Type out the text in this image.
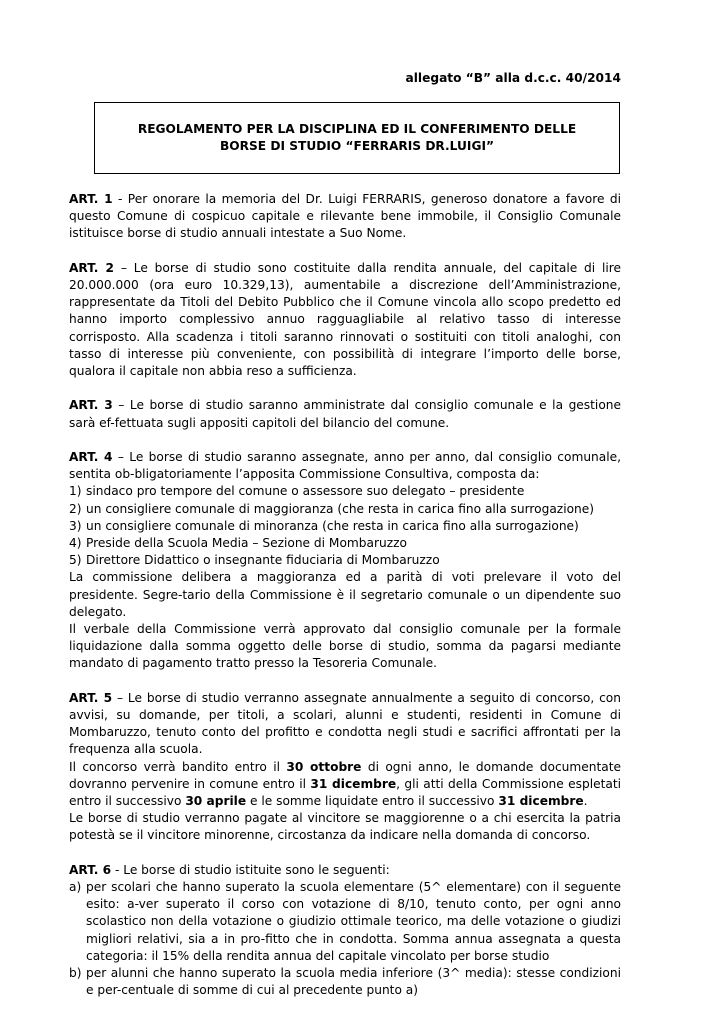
allegato “B” alla d.c.c. 40/2014
REGOLAMENTO PER LA DISCIPLINA ED IL CONFERIMENTO DELLE
BORSE DI STUDIO “FERRARIS DR.LUIGI”

ART. 1 - Per onorare la memoria del Dr. Luigi FERRARIS, generoso donatore a favore di questo Comune di cospicuo capitale e rilevante bene immobile, il Consiglio Comunale istituisce borse di studio annuali intestate a Suo Nome.

ART. 2 – Le borse di studio sono costituite dalla rendita annuale, del capitale di lire 20.000.000 (ora euro 10.329,13), aumentabile a discrezione dell’Amministrazione, rappresentate da Titoli del Debito Pubblico che il Comune vincola allo scopo predetto ed hanno importo complessivo annuo ragguagliabile al relativo tasso di interesse corrisposto. Alla scadenza i titoli saranno rinnovati o sostituiti con titoli analoghi, con tasso di interesse più conveniente, con possibilità di integrare l’importo delle borse, qualora il capitale non abbia reso a sufficienza.

ART. 3 – Le borse di studio saranno amministrate dal consiglio comunale e la gestione sarà ef-fettuata sugli appositi capitoli del bilancio del comune.

ART. 4 – Le borse di studio saranno assegnate, anno per anno, dal consiglio comunale, sentita ob-bligatoriamente l’apposita Commissione Consultiva, composta da:

1) sindaco pro tempore del comune o assessore suo delegato – presidente
2) un consigliere comunale di maggioranza (che resta in carica fino alla surrogazione)
3) un consigliere comunale di minoranza (che resta in carica fino alla surrogazione)
4) Preside della Scuola Media – Sezione di Mombaruzzo
5) Direttore Didattico o insegnante fiduciaria di Mombaruzzo

La commissione delibera a maggioranza ed a parità di voti prelevare il voto del presidente. Segre-tario della Commissione è il segretario comunale o un dipendente suo delegato.

Il verbale della Commissione verrà approvato dal consiglio comunale per la formale liquidazione dalla somma oggetto delle borse di studio, somma da pagarsi mediante mandato di pagamento tratto presso la Tesoreria Comunale.

ART. 5 – Le borse di studio verranno assegnate annualmente a seguito di concorso, con avvisi, su domande, per titoli, a scolari, alunni e studenti, residenti in Comune di Mombaruzzo, tenuto conto del profitto e condotta negli studi e sacrifici affrontati per la frequenza alla scuola.

Il concorso verrà bandito entro il 30 ottobre di ogni anno, le domande documentate dovranno pervenire in comune entro il 31 dicembre, gli atti della Commissione espletati entro il successivo 30 aprile e le somme liquidate entro il successivo 31 dicembre.

Le borse di studio verranno pagate al vincitore se maggiorenne o a chi esercita la patria potestà se il vincitore minorenne, circostanza da indicare nella domanda di concorso.

ART. 6 - Le borse di studio istituite sono le seguenti:

a) per scolari che hanno superato la scuola elementare (5^ elementare) con il seguente esito: a-ver superato il corso con votazione di 8/10, tenuto conto, per ogni anno scolastico non della votazione o giudizio ottimale teorico, ma delle votazione o giudizi migliori relativi, sia a in pro-fitto che in condotta. Somma annua assegnata a questa categoria: il 15% della rendita annua del capitale vincolato per borse studio
b) per alunni che hanno superato la scuola media inferiore (3^ media): stesse condizioni e per-centuale di somme di cui al precedente punto a)
